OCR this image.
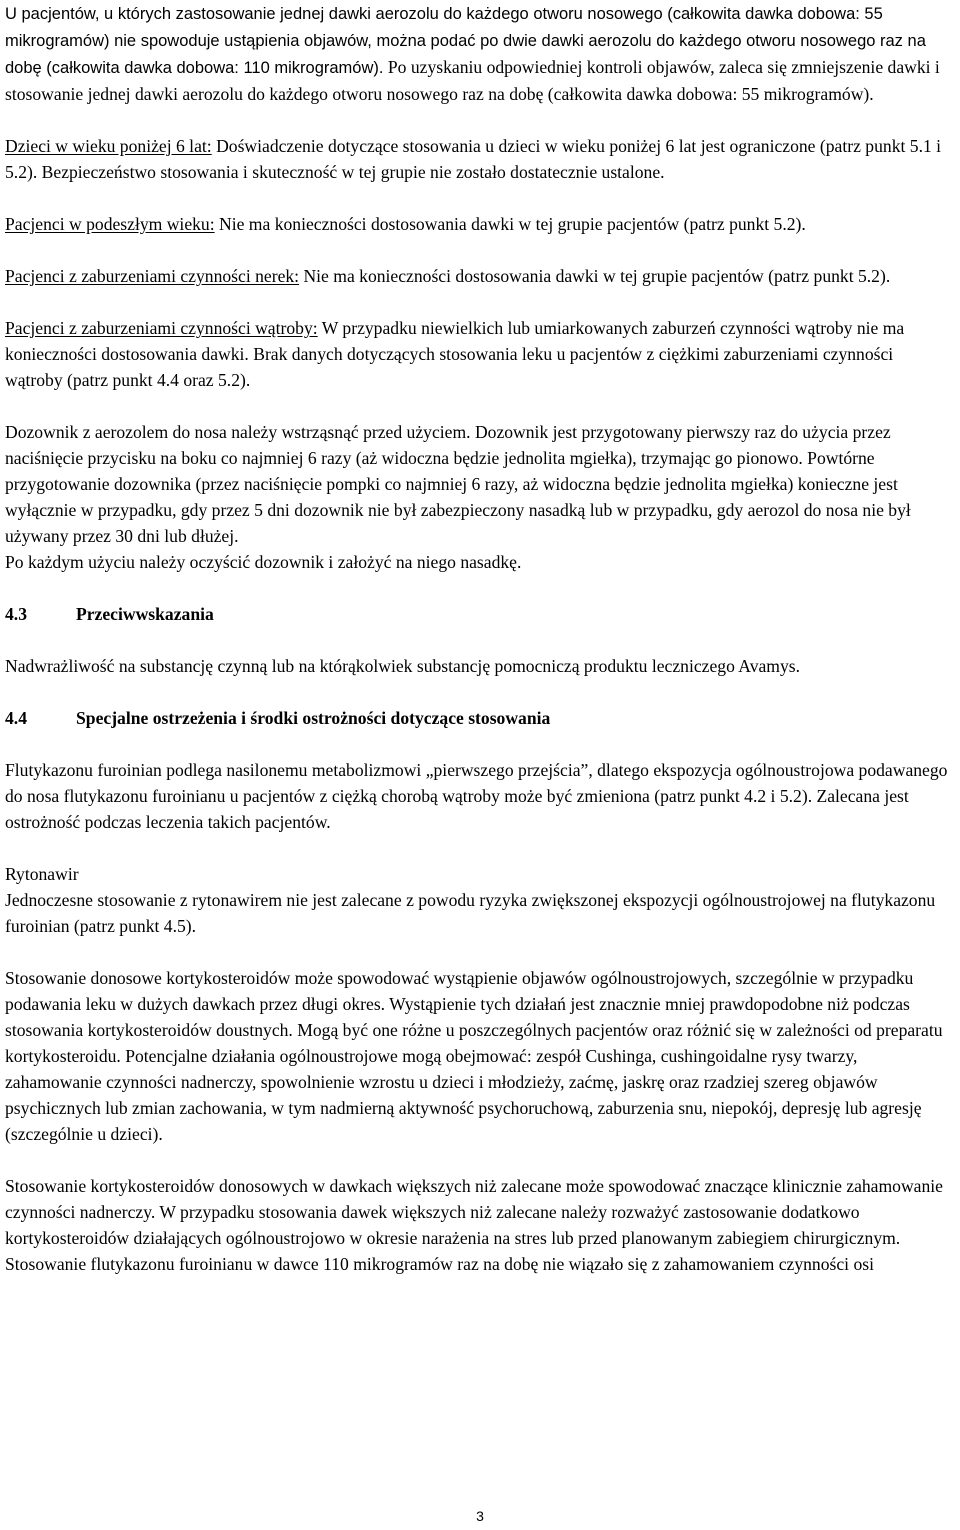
U pacjentów, u których zastosowanie jednej dawki aerozolu do każdego otworu nosowego (całkowita dawka dobowa: 55 mikrogramów) nie spowoduje ustąpienia objawów, można podać po dwie dawki aerozolu do każdego otworu nosowego raz na dobę (całkowita dawka dobowa: 110 mikrogramów). Po uzyskaniu odpowiedniej kontroli objawów, zaleca się zmniejszenie dawki i stosowanie jednej dawki aerozolu do każdego otworu nosowego raz na dobę (całkowita dawka dobowa: 55 mikrogramów).

Dzieci w wieku poniżej 6 lat: Doświadczenie dotyczące stosowania u dzieci w wieku poniżej 6 lat jest ograniczone (patrz punkt 5.1 i 5.2). Bezpieczeństwo stosowania i skuteczność w tej grupie nie zostało dostatecznie ustalone.

Pacjenci w podeszłym wieku: Nie ma konieczności dostosowania dawki w tej grupie pacjentów (patrz punkt 5.2).

Pacjenci z zaburzeniami czynności nerek: Nie ma konieczności dostosowania dawki w tej grupie pacjentów (patrz punkt 5.2).

Pacjenci z zaburzeniami czynności wątroby: W przypadku niewielkich lub umiarkowanych zaburzeń czynności wątroby nie ma konieczności dostosowania dawki. Brak danych dotyczących stosowania leku u pacjentów z ciężkimi zaburzeniami czynności wątroby (patrz punkt 4.4 oraz 5.2).

Dozownik z aerozolem do nosa należy wstrząsnąć przed użyciem. Dozownik jest przygotowany pierwszy raz do użycia przez naciśnięcie przycisku na boku co najmniej 6 razy (aż widoczna będzie jednolita mgiełka), trzymając go pionowo. Powtórne przygotowanie dozownika (przez naciśnięcie pompki co najmniej 6 razy, aż widoczna będzie jednolita mgiełka) konieczne jest wyłącznie w przypadku, gdy przez 5 dni dozownik nie był zabezpieczony nasadką lub w przypadku, gdy aerozol do nosa nie był używany przez 30 dni lub dłużej.
Po każdym użyciu należy oczyścić dozownik i założyć na niego nasadkę.

4.3	Przeciwwskazania

Nadwrażliwość na substancję czynną lub na którąkolwiek substancję pomocniczą produktu leczniczego Avamys.

4.4	Specjalne ostrzeżenia i środki ostrożności dotyczące stosowania

Flutykazonu furoinian podlega nasilonemu metabolizmowi „pierwszego przejścia”, dlatego ekspozycja ogólnoustrojowa podawanego do nosa flutykazonu furoinianu u pacjentów z ciężką chorobą wątroby może być zmieniona (patrz punkt 4.2 i 5.2). Zalecana jest ostrożność podczas leczenia takich pacjentów.

Rytonawir
Jednoczesne stosowanie z rytonawirem nie jest zalecane z powodu ryzyka zwiększonej ekspozycji ogólnoustrojowej na flutykazonu furoinian (patrz punkt 4.5).

Stosowanie donosowe kortykosteroidów może spowodować wystąpienie objawów ogólnoustrojowych, szczególnie w przypadku podawania leku w dużych dawkach przez długi okres. Wystąpienie tych działań jest znacznie mniej prawdopodobne niż podczas stosowania kortykosteroidów doustnych. Mogą być one różne u poszczególnych pacjentów oraz różnić się w zależności od preparatu kortykosteroidu. Potencjalne działania ogólnoustrojowe mogą obejmować: zespół Cushinga, cushingoidalne rysy twarzy, zahamowanie czynności nadnerczy, spowolnienie wzrostu u dzieci i młodzieży, zaćmę, jaskrę oraz rzadziej szereg objawów psychicznych lub zmian zachowania, w tym nadmierną aktywność psychoruchową, zaburzenia snu, niepokój, depresję lub agresję (szczególnie u dzieci).

Stosowanie kortykosteroidów donosowych w dawkach większych niż zalecane może spowodować znaczące klinicznie zahamowanie czynności nadnerczy. W przypadku stosowania dawek większych niż zalecane należy rozważyć zastosowanie dodatkowo kortykosteroidów działających ogólnoustrojowo w okresie narażenia na stres lub przed planowanym zabiegiem chirurgicznym. Stosowanie flutykazonu furoinianu w dawce 110 mikrogramów raz na dobę nie wiązało się z zahamowaniem czynności osi

3
